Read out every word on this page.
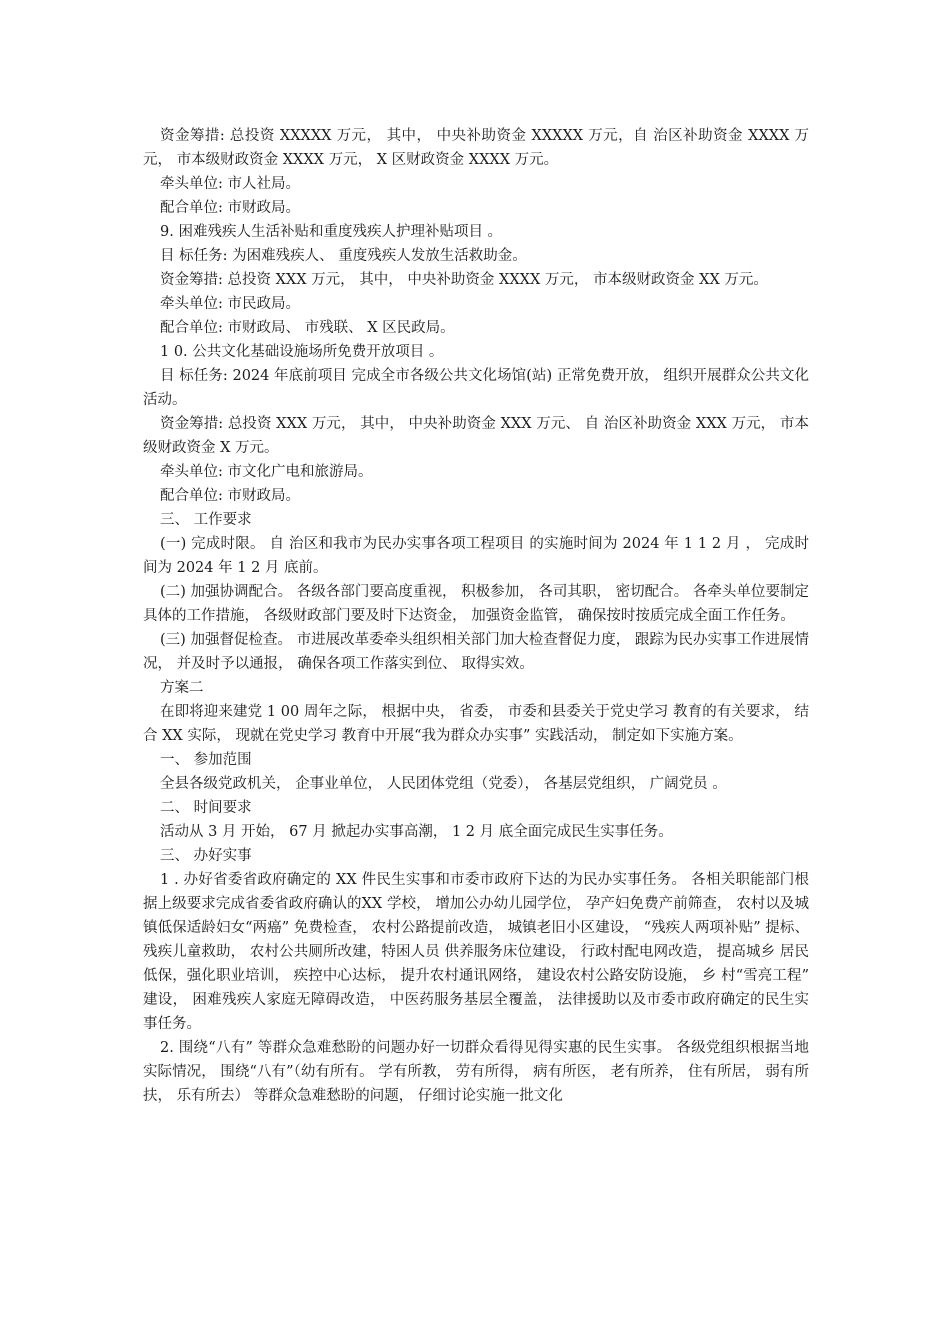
资金筹措: 总投资 XXXXX 万元， 其中， 中央补助资金 XXXXX 万元，自 治区补助资金 XXXX 万元， 市本级财政资金 XXXX 万元， X 区财政资金 XXXX 万元。

牵头单位: 市人社局。

配合单位: 市财政局。

9. 困难残疾人生活补贴和重度残疾人护理补贴项目 。

目 标任务: 为困难残疾人、 重度残疾人发放生活救助金。

资金筹措: 总投资 XXX 万元， 其中， 中央补助资金 XXXX 万元， 市本级财政资金 XX 万元。

牵头单位: 市民政局。

配合单位: 市财政局、 市残联、 X 区民政局。

1 0. 公共文化基础设施场所免费开放项目 。

目 标任务: 2024 年底前项目 完成全市各级公共文化场馆(站) 正常免费开放， 组织开展群众公共文化活动。

资金筹措: 总投资 XXX 万元， 其中， 中央补助资金 XXX 万元、 自 治区补助资金 XXX 万元， 市本级财政资金 X 万元。

牵头单位: 市文化广电和旅游局。

配合单位: 市财政局。

三、 工作要求

(一) 完成时限。 自 治区和我市为民办实事各项工程项目 的实施时间为 2024 年 1 1 2 月 ， 完成时间为 2024 年 1 2 月 底前。

(二) 加强协调配合。 各级各部门要高度重视， 积极参加， 各司其职， 密切配合。 各牵头单位要制定具体的工作措施， 各级财政部门要及时下达资金， 加强资金监管， 确保按时按质完成全面工作任务。

(三) 加强督促检查。 市进展改革委牵头组织相关部门加大检查督促力度， 跟踪为民办实事工作进展情况， 并及时予以通报， 确保各项工作落实到位、 取得实效。

方案二

在即将迎来建党 1 00 周年之际， 根据中央， 省委， 市委和县委关于党史学习 教育的有关要求， 结合 XX 实际， 现就在党史学习 教育中开展“我为群众办实事” 实践活动， 制定如下实施方案。

一、 参加范围

全县各级党政机关， 企事业单位， 人民团体党组（党委）， 各基层党组织， 广阔党员 。

二、 时间要求

活动从 3 月 开始， 67 月 掀起办实事高潮， 1 2 月 底全面完成民生实事任务。

三、 办好实事

1 . 办好省委省政府确定的 XX 件民生实事和市委市政府下达的为民办实事任务。 各相关职能部门根据上级要求完成省委省政府确认的XX 学校， 增加公办幼儿园学位， 孕产妇免费产前筛查， 农村以及城镇低保适龄妇女“两癌” 免费检查， 农村公路提前改造， 城镇老旧小区建设， “残疾人两项补贴” 提标、 残疾儿童救助， 农村公共厕所改建，特困人员 供养服务床位建设， 行政村配电网改造， 提高城乡 居民低保，强化职业培训， 疾控中心达标， 提升农村通讯网络， 建设农村公路安防设施， 乡 村“雪亮工程” 建设， 困难残疾人家庭无障碍改造， 中医药服务基层全覆盖， 法律援助以及市委市政府确定的民生实事任务。

2. 围绕“八有” 等群众急难愁盼的问题办好一切群众看得见得实惠的民生实事。 各级党组织根据当地实际情况， 围绕“八有”（幼有所有。 学有所教， 劳有所得， 病有所医， 老有所养， 住有所居， 弱有所扶， 乐有所去） 等群众急难愁盼的问题， 仔细讨论实施一批文化
